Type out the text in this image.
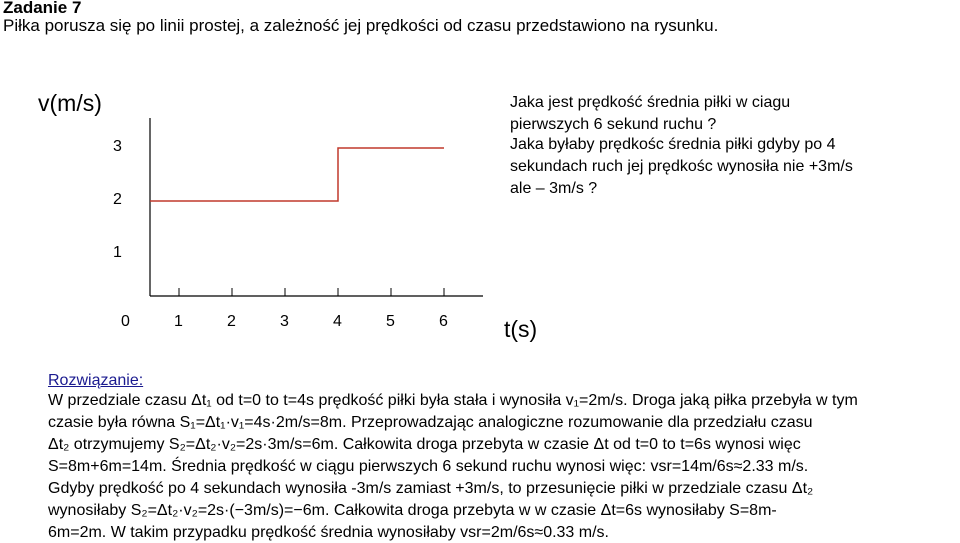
Zadanie 7
Piłka porusza się po linii prostej, a zależność jej prędkości od czasu przedstawiono na rysunku.
v(m/s)
t(s)
1
2
3
0	1	2	3	4	5	6
Jaka jest prędkość średnia piłki w ciagu
pierwszych 6 sekund ruchu ?
Jaka byłaby prędkośc średnia piłki gdyby po 4
sekundach ruch jej prędkośc wynosiła nie +3m/s
ale – 3m/s ?
Rozwiązanie:
W przedziale czasu Δt₁ od t=0 to t=4s prędkość piłki była stała i wynosiła v₁=2m/s. Droga jaką piłka przebyła w tym
czasie była równa S₁=Δt₁·v₁=4s·2m/s=8m. Przeprowadzając analogiczne rozumowanie dla przedziału czasu
Δt₂ otrzymujemy S₂=Δt₂·v₂=2s·3m/s=6m. Całkowita droga przebyta w czasie Δt od t=0 to t=6s wynosi więc
S=8m+6m=14m. Średnia prędkość w ciągu pierwszych 6 sekund ruchu wynosi więc: vsr=14m/6s≈2.33 m/s.
Gdyby prędkość po 4 sekundach wynosiła -3m/s zamiast +3m/s, to przesunięcie piłki w przedziale czasu Δt₂
wynosiłaby S₂=Δt₂·v₂=2s·(−3m/s)=−6m. Całkowita droga przebyta w w czasie Δt=6s wynosiłaby S=8m-
6m=2m. W takim przypadku prędkość średnia wynosiłaby vsr=2m/6s≈0.33 m/s.
